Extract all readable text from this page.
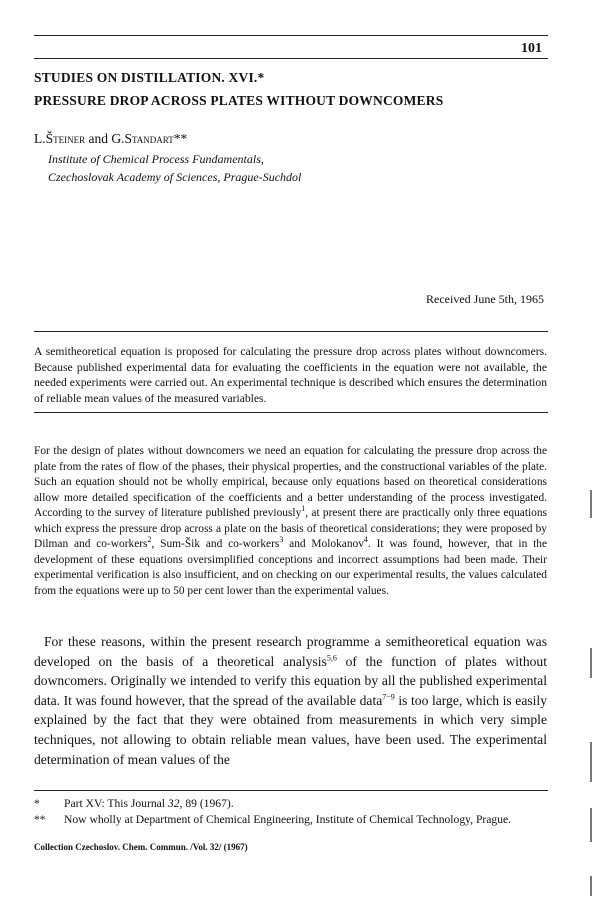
101
STUDIES ON DISTILLATION. XVI.*
PRESSURE DROP ACROSS PLATES WITHOUT DOWNCOMERS
L.Šteiner and G.Standart**
Institute of Chemical Process Fundamentals,
Czechoslovak Academy of Sciences, Prague-Suchdol
Received June 5th, 1965
A semitheoretical equation is proposed for calculating the pressure drop across plates without downcomers. Because published experimental data for evaluating the coefficients in the equation were not available, the needed experiments were carried out. An experimental technique is described which ensures the determination of reliable mean values of the measured variables.
For the design of plates without downcomers we need an equation for calculating the pressure drop across the plate from the rates of flow of the phases, their physical properties, and the constructional variables of the plate. Such an equation should not be wholly empirical, because only equations based on theoretical considerations allow more detailed specification of the coefficients and a better understanding of the process investigated. According to the survey of literature published previously$^1$, at present there are practically only three equations which express the pressure drop across a plate on the basis of theoretical considerations; they were proposed by Dilman and co-workers$^2$, Sum-Šik and co-workers$^3$ and Molokanov$^4$. It was found, however, that in the development of these equations oversimplified conceptions and incorrect assumptions had been made. Their experimental verification is also insufficient, and on checking on our experimental results, the values calculated from the equations were up to 50 per cent lower than the experimental values.
For these reasons, within the present research programme a semitheoretical equation was developed on the basis of a theoretical analysis$^{5,6}$ of the function of plates without downcomers. Originally we intended to verify this equation by all the published experimental data. It was found however, that the spread of the available data$^{7-9}$ is too large, which is easily explained by the fact that they were obtained from measurements in which very simple techniques, not allowing to obtain reliable mean values, have been used. The experimental determination of mean values of the
* Part XV: This Journal 32, 89 (1967).
** Now wholly at Department of Chemical Engineering, Institute of Chemical Technology, Prague.
Collection Czechoslov. Chem. Commun. /Vol. 32/ (1967)
